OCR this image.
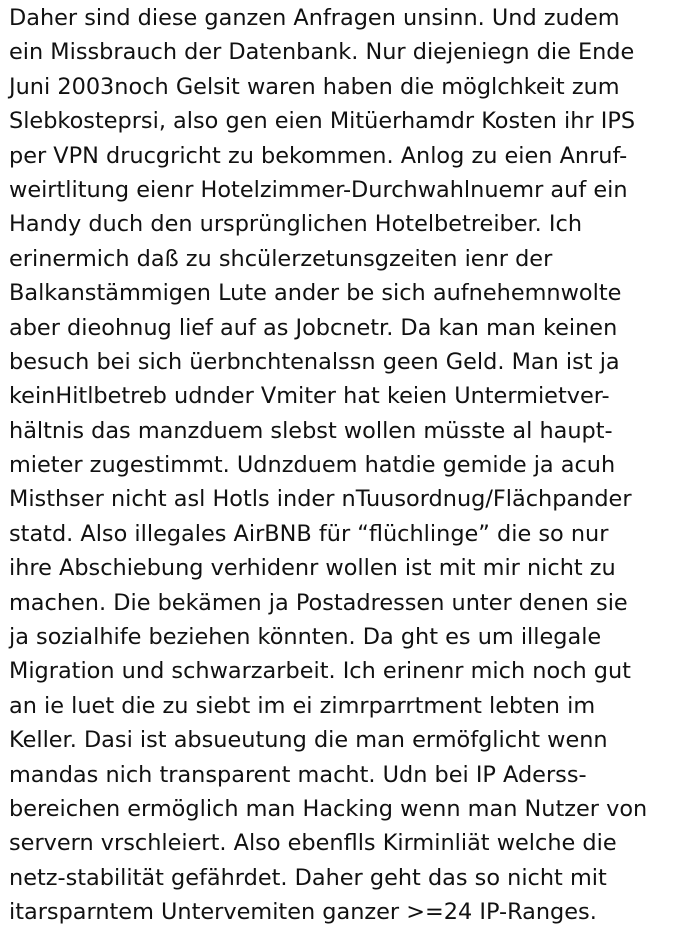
Daher sind diese ganzen Anfragen unsinn. Und zudem
ein Missbrauch der Datenbank. Nur diejeniegn die Ende
Juni 2003noch Gelsit waren haben die möglchkeit zum
Slebkosteprsi, also gen eien Mitüerhamdr Kosten ihr IPS
per VPN drucgricht zu bekommen. Anlog zu eien Anruf-
weirtlitung eienr Hotelzimmer-Durchwahlnuemr auf ein
Handy duch den ursprünglichen Hotelbetreiber. Ich
erinermich daß zu shcülerzetunsgzeiten ienr der
Balkanstämmigen Lute ander be sich aufnehemnwolte
aber dieohnug lief auf as Jobcnetr. Da kan man keinen
besuch bei sich üerbnchtenalssn geen Geld. Man ist ja
keinHitlbetreb udnder Vmiter hat keien Untermietver-
hältnis das manzduem slebst wollen müsste al haupt-
mieter zugestimmt. Udnzduem hatdie gemide ja acuh
Misthser nicht asl Hotls inder nTuusordnug/Flächpander
statd. Also illegales AirBNB für “flüchlinge” die so nur
ihre Abschiebung verhidenr wollen ist mit mir nicht zu
machen. Die bekämen ja Postadressen unter denen sie
ja sozialhife beziehen könnten. Da ght es um illegale
Migration und schwarzarbeit. Ich erinenr mich noch gut
an ie luet die zu siebt im ei zimrparrtment lebten im
Keller. Dasi ist absueutung die man ermöfglicht wenn
mandas nich transparent macht. Udn bei IP Aderss-
bereichen ermöglich man Hacking wenn man Nutzer von
servern vrschleiert. Also ebenflls Kirminliät welche die
netz-stabilität gefährdet. Daher geht das so nicht mit
itarsparntem Untervemiten ganzer >=24 IP-Ranges.
